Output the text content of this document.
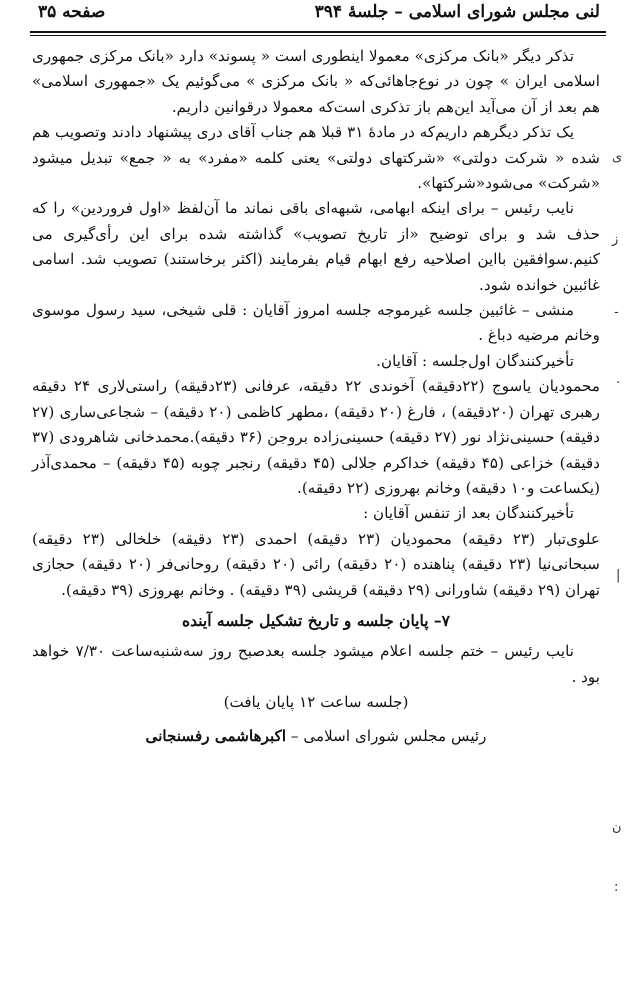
لنی مجلس شورای اسلامی – جلسهٔ ۳۹۴
صفحه ۳۵

تذکر دیگر «بانک مرکزی» معمولا اینطوری است « پسوند» دارد «بانک مرکزی جمهوری اسلامی ایران » چون در نوع‌جاهائی‌که « بانک مرکزی » می‌گوئیم یک «جمهوری اسلامی» هم بعد از آن می‌آید این‌هم باز تذکری است‌که معمولا درقوانین داریم.

یک تذکر دیگرهم داریم‌که در مادهٔ ۳۱ قبلا هم جناب آقای دری پیشنهاد دادند وتصویب هم شده « شرکت دولتی» «شرکتهای دولتی» یعنی کلمه «مفرد» به « جمع» تبدیل میشود «شرکت» می‌شود«شرکتها».

نایب رئیس – برای اینکه ابهامی، شبهه‌ای باقی نماند ما آن‌لفظ «اول فروردین» را که حذف شد و برای توضیح «از تاریخ تصویب» گذاشته شده برای این رأی‌گیری می کنیم.سوافقین بااین اصلاحیه رفع ابهام قیام بفرمایند (اکثر برخاستند) تصویب شد. اسامی غائبین خوانده شود.

منشی – غائبین جلسه غیرموجه جلسه امروز آقایان : قلی شیخی، سید رسول موسوی وخانم مرضیه دباغ .

تأخیرکنندگان اول‌جلسه : آقایان.

محمودیان یاسوج (۲۲دقیقه) آخوندی ۲۲ دقیقه، عرفانی (۲۳دقیقه) راستی‌لاری ۲۴ دقیقه رهبری تهران (۲۰دقیقه) ، فارغ (۲۰ دقیقه) ،مطهر کاظمی (۲۰ دقیقه) – شجاعی‌ساری (۲۷ دقیقه) حسینی‌نژاد نور (۲۷ دقیقه) حسینی‌زاده بروجن (۳۶ دقیقه).محمدخانی شاهرودی (۳۷ دقیقه) خزاعی (۴۵ دقیقه) خداکرم جلالی (۴۵ دقیقه) رنجبر چوبه (۴۵ دقیقه) – محمدی‌آذر (یکساعت و۱۰ دقیقه) وخانم بهروزی (۲۲ دقیقه).

تأخیرکنندگان بعد از تنفس آقایان :

علوی‌تبار (۲۳ دقیقه) محمودیان (۲۳ دقیقه) احمدی (۲۳ دقیقه) خلخالی (۲۳ دقیقه) سبحانی‌نیا (۲۳ دقیقه) پناهنده (۲۰ دقیقه) رائی (۲۰ دقیقه) روحانی‌فر (۲۰ دقیقه) حجازی تهران (۲۹ دقیقه) شاورانی (۲۹ دقیقه) قریشی (۳۹ دقیقه) . وخانم بهروزی (۳۹ دقیقه).

۷– پایان جلسه و تاریخ تشکیل جلسه آینده

نایب رئیس – ختم جلسه اعلام میشود جلسه بعدصبح روز سه‌شنبه‌ساعت ۷/۳۰ خواهد بود .

(جلسه ساعت ۱۲ پایان یافت)

رئیس مجلس شورای اسلامی – اکبرهاشمی رفسنجانی

ی
ز
-
|
.
:
ن
